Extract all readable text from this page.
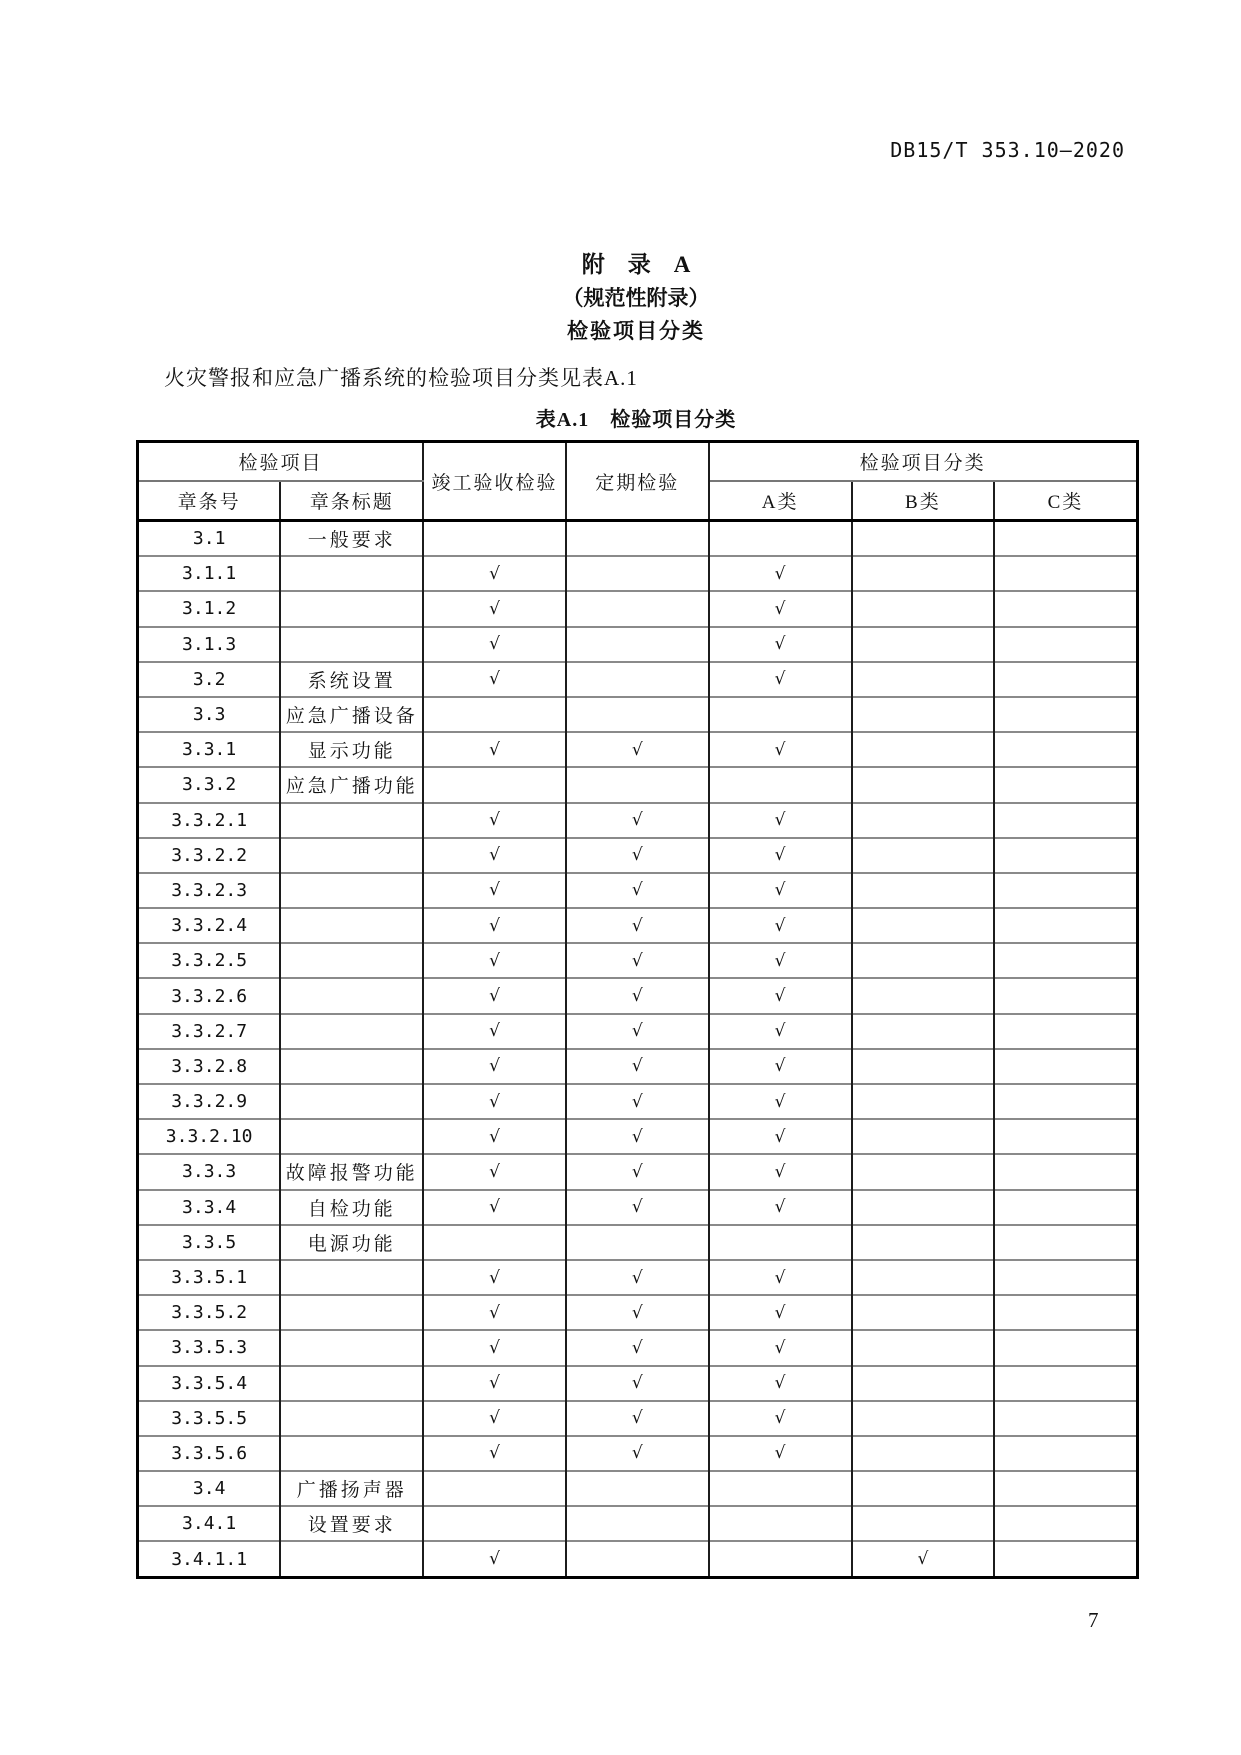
DB15/T 353.10—2020
附　录　A
（规范性附录）
检验项目分类
火灾警报和应急广播系统的检验项目分类见表A.1
表A.1　检验项目分类
检验项目		竣工验收检验	定期检验	检验项目分类		
章条号	章条标题			A类	B类	C类
3.1	一般要求					
3.1.1		√		√		
3.1.2		√		√		
3.1.3		√		√		
3.2	系统设置	√		√		
3.3	应急广播设备					
3.3.1	显示功能	√	√	√		
3.3.2	应急广播功能					
3.3.2.1		√	√	√		
3.3.2.2		√	√	√		
3.3.2.3		√	√	√		
3.3.2.4		√	√	√		
3.3.2.5		√	√	√		
3.3.2.6		√	√	√		
3.3.2.7		√	√	√		
3.3.2.8		√	√	√		
3.3.2.9		√	√	√		
3.3.2.10		√	√	√		
3.3.3	故障报警功能	√	√	√		
3.3.4	自检功能	√	√	√		
3.3.5	电源功能					
3.3.5.1		√	√	√		
3.3.5.2		√	√	√		
3.3.5.3		√	√	√		
3.3.5.4		√	√	√		
3.3.5.5		√	√	√		
3.3.5.6		√	√	√		
3.4	广播扬声器					
3.4.1	设置要求					
3.4.1.1		√			√	
7
